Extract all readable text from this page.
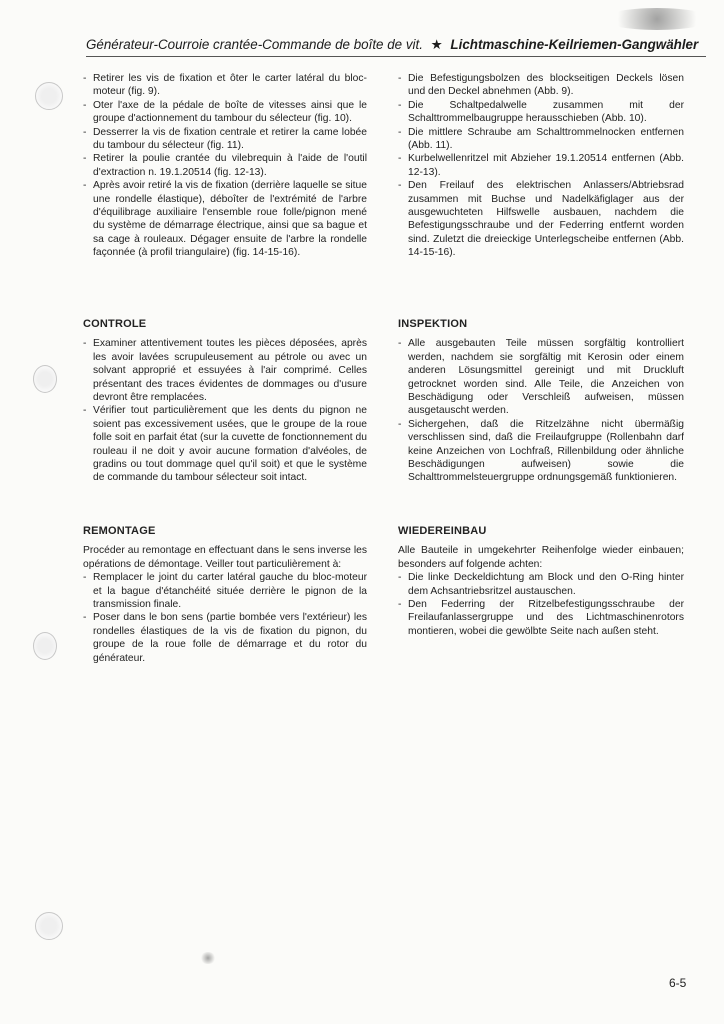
Générateur-Courroie crantée-Commande de boîte de vit. ★ Lichtmaschine-Keilriemen-Gangwähler
- Retirer les vis de fixation et ôter le carter latéral du bloc-moteur (fig. 9).
- Oter l'axe de la pédale de boîte de vitesses ainsi que le groupe d'actionnement du tambour du sélecteur (fig. 10).
- Desserrer la vis de fixation centrale et retirer la came lobée du tambour du sélecteur (fig. 11).
- Retirer la poulie crantée du vilebrequin à l'aide de l'outil d'extraction n. 19.1.20514 (fig. 12-13).
- Après avoir retiré la vis de fixation (derrière laquelle se situe une rondelle élastique), déboîter de l'extrémité de l'arbre d'équilibrage auxiliaire l'ensemble roue folle/pignon mené du système de démarrage électrique, ainsi que sa bague et sa cage à rouleaux. Dégager ensuite de l'arbre la rondelle façonnée (à profil triangulaire) (fig. 14-15-16).
- Die Befestigungsbolzen des blockseitigen Deckels lösen und den Deckel abnehmen (Abb. 9).
- Die Schaltpedalwelle zusammen mit der Schalttrommelbaugruppe herausschieben (Abb. 10).
- Die mittlere Schraube am Schalttrommelnocken entfernen (Abb. 11).
- Kurbelwellenritzel mit Abzieher 19.1.20514 entfernen (Abb. 12-13).
- Den Freilauf des elektrischen Anlassers/Abtriebsrad zusammen mit Buchse und Nadelkäfiglager aus der ausgewuchteten Hilfswelle ausbauen, nachdem die Befestigungsschraube und der Federring entfernt worden sind. Zuletzt die dreieckige Unterlegscheibe entfernen (Abb. 14-15-16).
CONTROLE
- Examiner attentivement toutes les pièces déposées, après les avoir lavées scrupuleusement au pétrole ou avec un solvant approprié et essuyées à l'air comprimé. Celles présentant des traces évidentes de dommages ou d'usure devront être remplacées.
- Vérifier tout particulièrement que les dents du pignon ne soient pas excessivement usées, que le groupe de la roue folle soit en parfait état (sur la cuvette de fonctionnement du rouleau il ne doit y avoir aucune formation d'alvéoles, de gradins ou tout dommage quel qu'il soit) et que le système de commande du tambour sélecteur soit intact.
INSPEKTION
- Alle ausgebauten Teile müssen sorgfältig kontrolliert werden, nachdem sie sorgfältig mit Kerosin oder einem anderen Lösungsmittel gereinigt und mit Druckluft getrocknet worden sind. Alle Teile, die Anzeichen von Beschädigung oder Verschleiß aufweisen, müssen ausgetauscht werden.
- Sichergehen, daß die Ritzelzähne nicht übermäßig verschlissen sind, daß die Freilaufgruppe (Rollenbahn darf keine Anzeichen von Lochfraß, Rillenbildung oder ähnliche Beschädigungen aufweisen) sowie die Schalttrommelsteuergruppe ordnungsgemäß funktionieren.
REMONTAGE
Procéder au remontage en effectuant dans le sens inverse les opérations de démontage. Veiller tout particulièrement à:
- Remplacer le joint du carter latéral gauche du bloc-moteur et la bague d'étanchéité située derrière le pignon de la transmission finale.
- Poser dans le bon sens (partie bombée vers l'extérieur) les rondelles élastiques de la vis de fixation du pignon, du groupe de la roue folle de démarrage et du rotor du générateur.
WIEDEREINBAU
Alle Bauteile in umgekehrter Reihenfolge wieder einbauen; besonders auf folgende achten:
- Die linke Deckeldichtung am Block und den O-Ring hinter dem Achsantriebsritzel austauschen.
- Den Federring der Ritzelbefestigungsschraube der Freilaufanlassergruppe und des Lichtmaschinenrotors montieren, wobei die gewölbte Seite nach außen steht.
6-5
